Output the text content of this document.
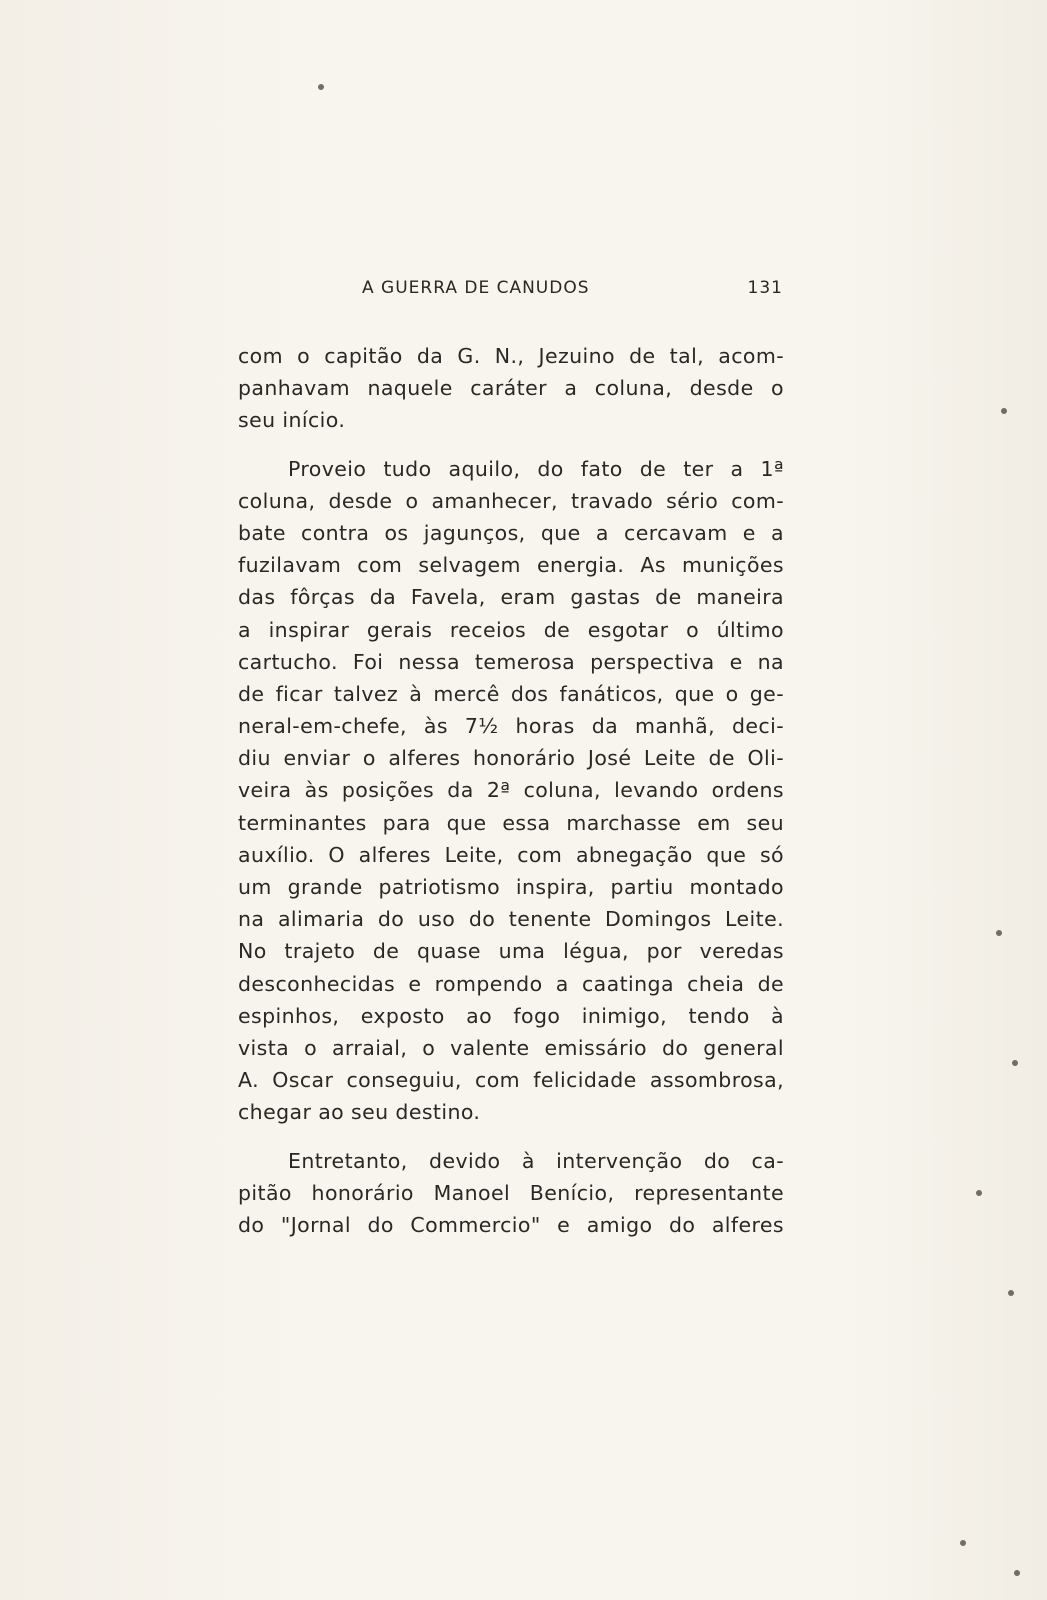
A GUERRA DE CANUDOS	131
com o capitão da G. N., Jezuino de tal, acom-
panhavam naquele caráter a coluna, desde o
seu início.
Proveio tudo aquilo, do fato de ter a 1ª
coluna, desde o amanhecer, travado sério com-
bate contra os jagunços, que a cercavam e a
fuzilavam com selvagem energia. As munições
das fôrças da Favela, eram gastas de maneira
a inspirar gerais receios de esgotar o último
cartucho. Foi nessa temerosa perspectiva e na
de ficar talvez à mercê dos fanáticos, que o ge-
neral-em-chefe, às 7½ horas da manhã, deci-
diu enviar o alferes honorário José Leite de Oli-
veira às posições da 2ª coluna, levando ordens
terminantes para que essa marchasse em seu
auxílio. O alferes Leite, com abnegação que só
um grande patriotismo inspira, partiu montado
na alimaria do uso do tenente Domingos Leite.
No trajeto de quase uma légua, por veredas
desconhecidas e rompendo a caatinga cheia de
espinhos, exposto ao fogo inimigo, tendo à
vista o arraial, o valente emissário do general
A. Oscar conseguiu, com felicidade assombrosa,
chegar ao seu destino.
Entretanto, devido à intervenção do ca-
pitão honorário Manoel Benício, representante
do "Jornal do Commercio" e amigo do alferes
